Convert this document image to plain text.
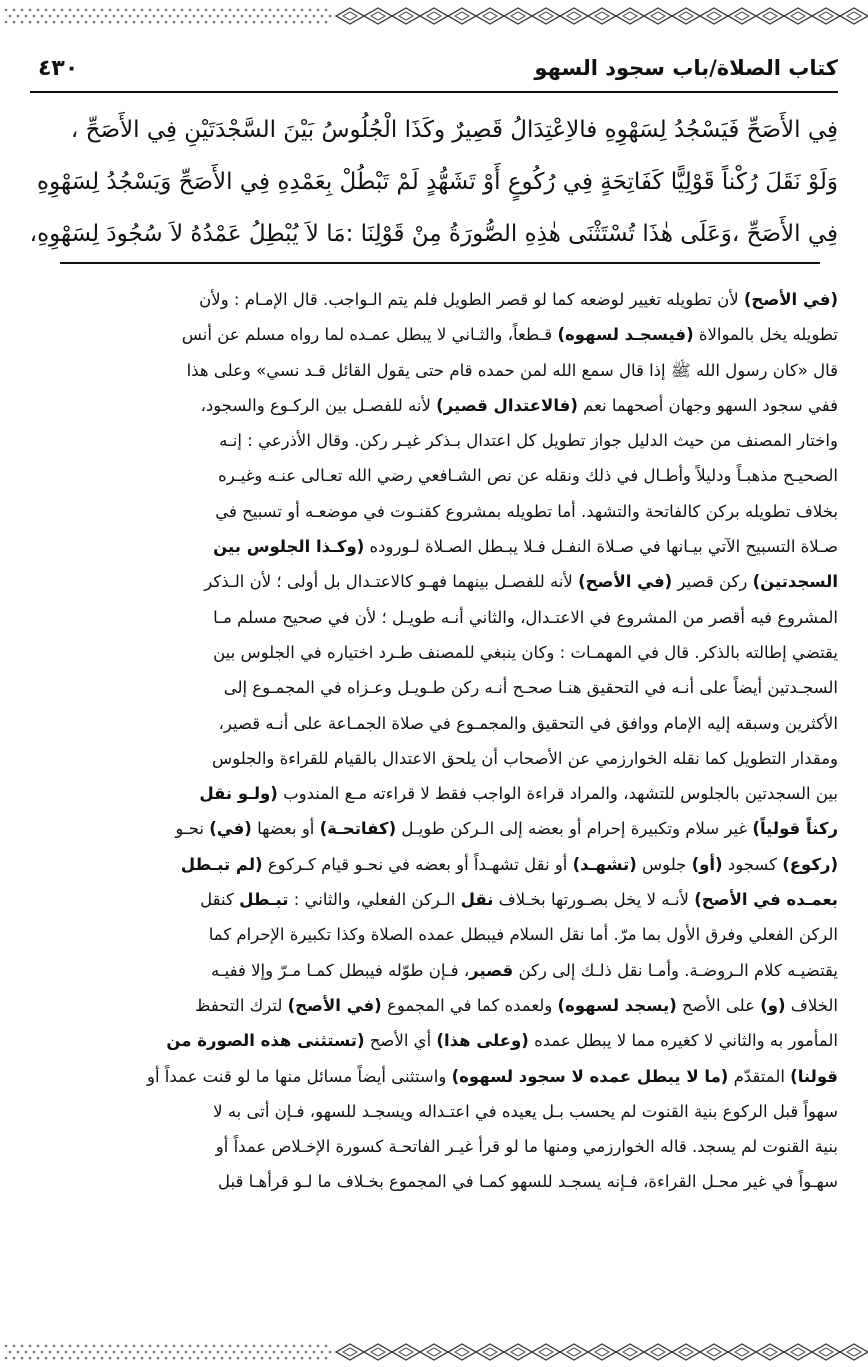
كتاب الصلاة/باب سجود السهو
٤٣٠
فِي الأَصَحِّ فَيَسْجُدُ لِسَهْوِهِ فالاِعْتِدَالُ قَصِيرٌ وكَذَا الْجُلُوسُ بَيْنَ السَّجْدَتَيْنِ فِي الأَصَحِّ ،
وَلَوْ نَقَلَ رُكْناً قَوْلِيًّا كَفَاتِحَةٍ فِي رُكُوعٍ أَوْ تَشَهُّدٍ لَمْ تَبْطُلْ بِعَمْدِهِ فِي الأَصَحِّ وَيَسْجُدُ لِسَهْوِهِ
فِي الأَصَحِّ ،وَعَلَى هٰذَا تُسْتَثْنَى هٰذِهِ الصُّورَةُ مِنْ قَوْلِنَا :مَا لاَ يُبْطِلُ عَمْدُهُ لاَ سُجُودَ لِسَهْوِهِ،
(في الأصح) لأن تطويله تغيير لوضعه كما لو قصر الطويل فلم يتم الـواجب. قال الإمـام : ولأن
تطويله يخل بالموالاة (فيسجـد لسهوه) قـطعاً، والثـاني لا يبطل عمـده لما رواه مسلم عن أنس
قال «كان رسول الله ﷺ إذا قال سمع الله لمن حمده قام حتى يقول القائل قـد نسي» وعلى هذا
ففي سجود السهو وجهان أصحهما نعم (فالاعتدال قصير) لأنه للفصـل بين الركـوع والسجود،
واختار المصنف من حيث الدليل جواز تطويل كل اعتدال بـذكر غيـر ركن. وقال الأذرعي : إنـه
الصحيـح مذهبـاً ودليلاً وأطـال في ذلك ونقله عن نص الشـافعي رضي الله تعـالى عنـه وغيـره
بخلاف تطويله بركن كالفاتحة والتشهد. أما تطويله بمشروع كقنـوت في موضعـه أو تسبيح في
صـلاة التسبيح الآتي بيـانها في صـلاة النفـل فـلا يبـطل الصـلاة لـوروده (وكـذا الجلوس بين
السجدتين) ركن قصير (في الأصح) لأنه للفصـل بينهما فهـو كالاعتـدال بل أولى ؛ لأن الـذكر
المشروع فيه أقصر من المشروع في الاعتـدال، والثاني أنـه طويـل ؛ لأن في صحيح مسلم مـا
يقتضي إطالته بالذكر. قال في المهمـات : وكان ينبغي للمصنف طـرد اختياره في الجلوس بين
السجـدتين أيضاً على أنـه في التحقيق هنـا صحـح أنـه ركن طـويـل وعـزاه في المجمـوع إلى
الأكثرين وسبقه إليه الإمام ووافق في التحقيق والمجمـوع في صلاة الجمـاعة على أنـه قصير،
ومقدار التطويل كما نقله الخوارزمي عن الأصحاب أن يلحق الاعتدال بالقيام للقراءة والجلوس
بين السجدتين بالجلوس للتشهد، والمراد قراءة الواجب فقط لا قراءته مـع المندوب (ولـو نقل
ركناً قولياً) غير سلام وتكبيرة إحرام أو بعضه إلى الـركن طويـل (كفاتحـة) أو بعضها (في) نحـو
(ركوع) كسجود (أو) جلوس (تشهـد) أو نقل تشهـداً أو بعضه في نحـو قيام كـركوع (لم تبـطل
بعمـده في الأصح) لأنـه لا يخل بصـورتها بخـلاف نقل الـركن الفعلي، والثاني : تبـطل كنقل
الركن الفعلي وفرق الأول بما مرّ. أما نقل السلام فيبطل عمده الصلاة وكذا تكبيرة الإحرام كما
يقتضيـه كلام الـروضـة. وأمـا نقل ذلـك إلى ركن قصير، فـإن طوّله فيبطل كمـا مـرّ وإلا ففيـه
الخلاف (و) على الأصح (يسجد لسهوه) ولعمده كما في المجموع (في الأصح) لترك التحفظ
المأمور به والثاني لا كغيره مما لا يبطل عمده (وعلى هذا) أي الأصح (تستثنى هذه الصورة من
قولنا) المتقدّم (ما لا يبطل عمده لا سجود لسهوه) واستثنى أيضاً مسائل منها ما لو قنت عمداً أو
سهواً قبل الركوع بنية القنوت لم يحسب بـل يعيده في اعتـداله ويسجـد للسهو، فـإن أتى به لا
بنية القنوت لم يسجد. قاله الخوارزمي ومنها ما لو قرأ غيـر الفاتحـة كسورة الإخـلاص عمداً أو
سهـواً في غير محـل القراءة، فـإنه يسجـد للسهو كمـا في المجموع بخـلاف ما لـو قرأهـا قبل
